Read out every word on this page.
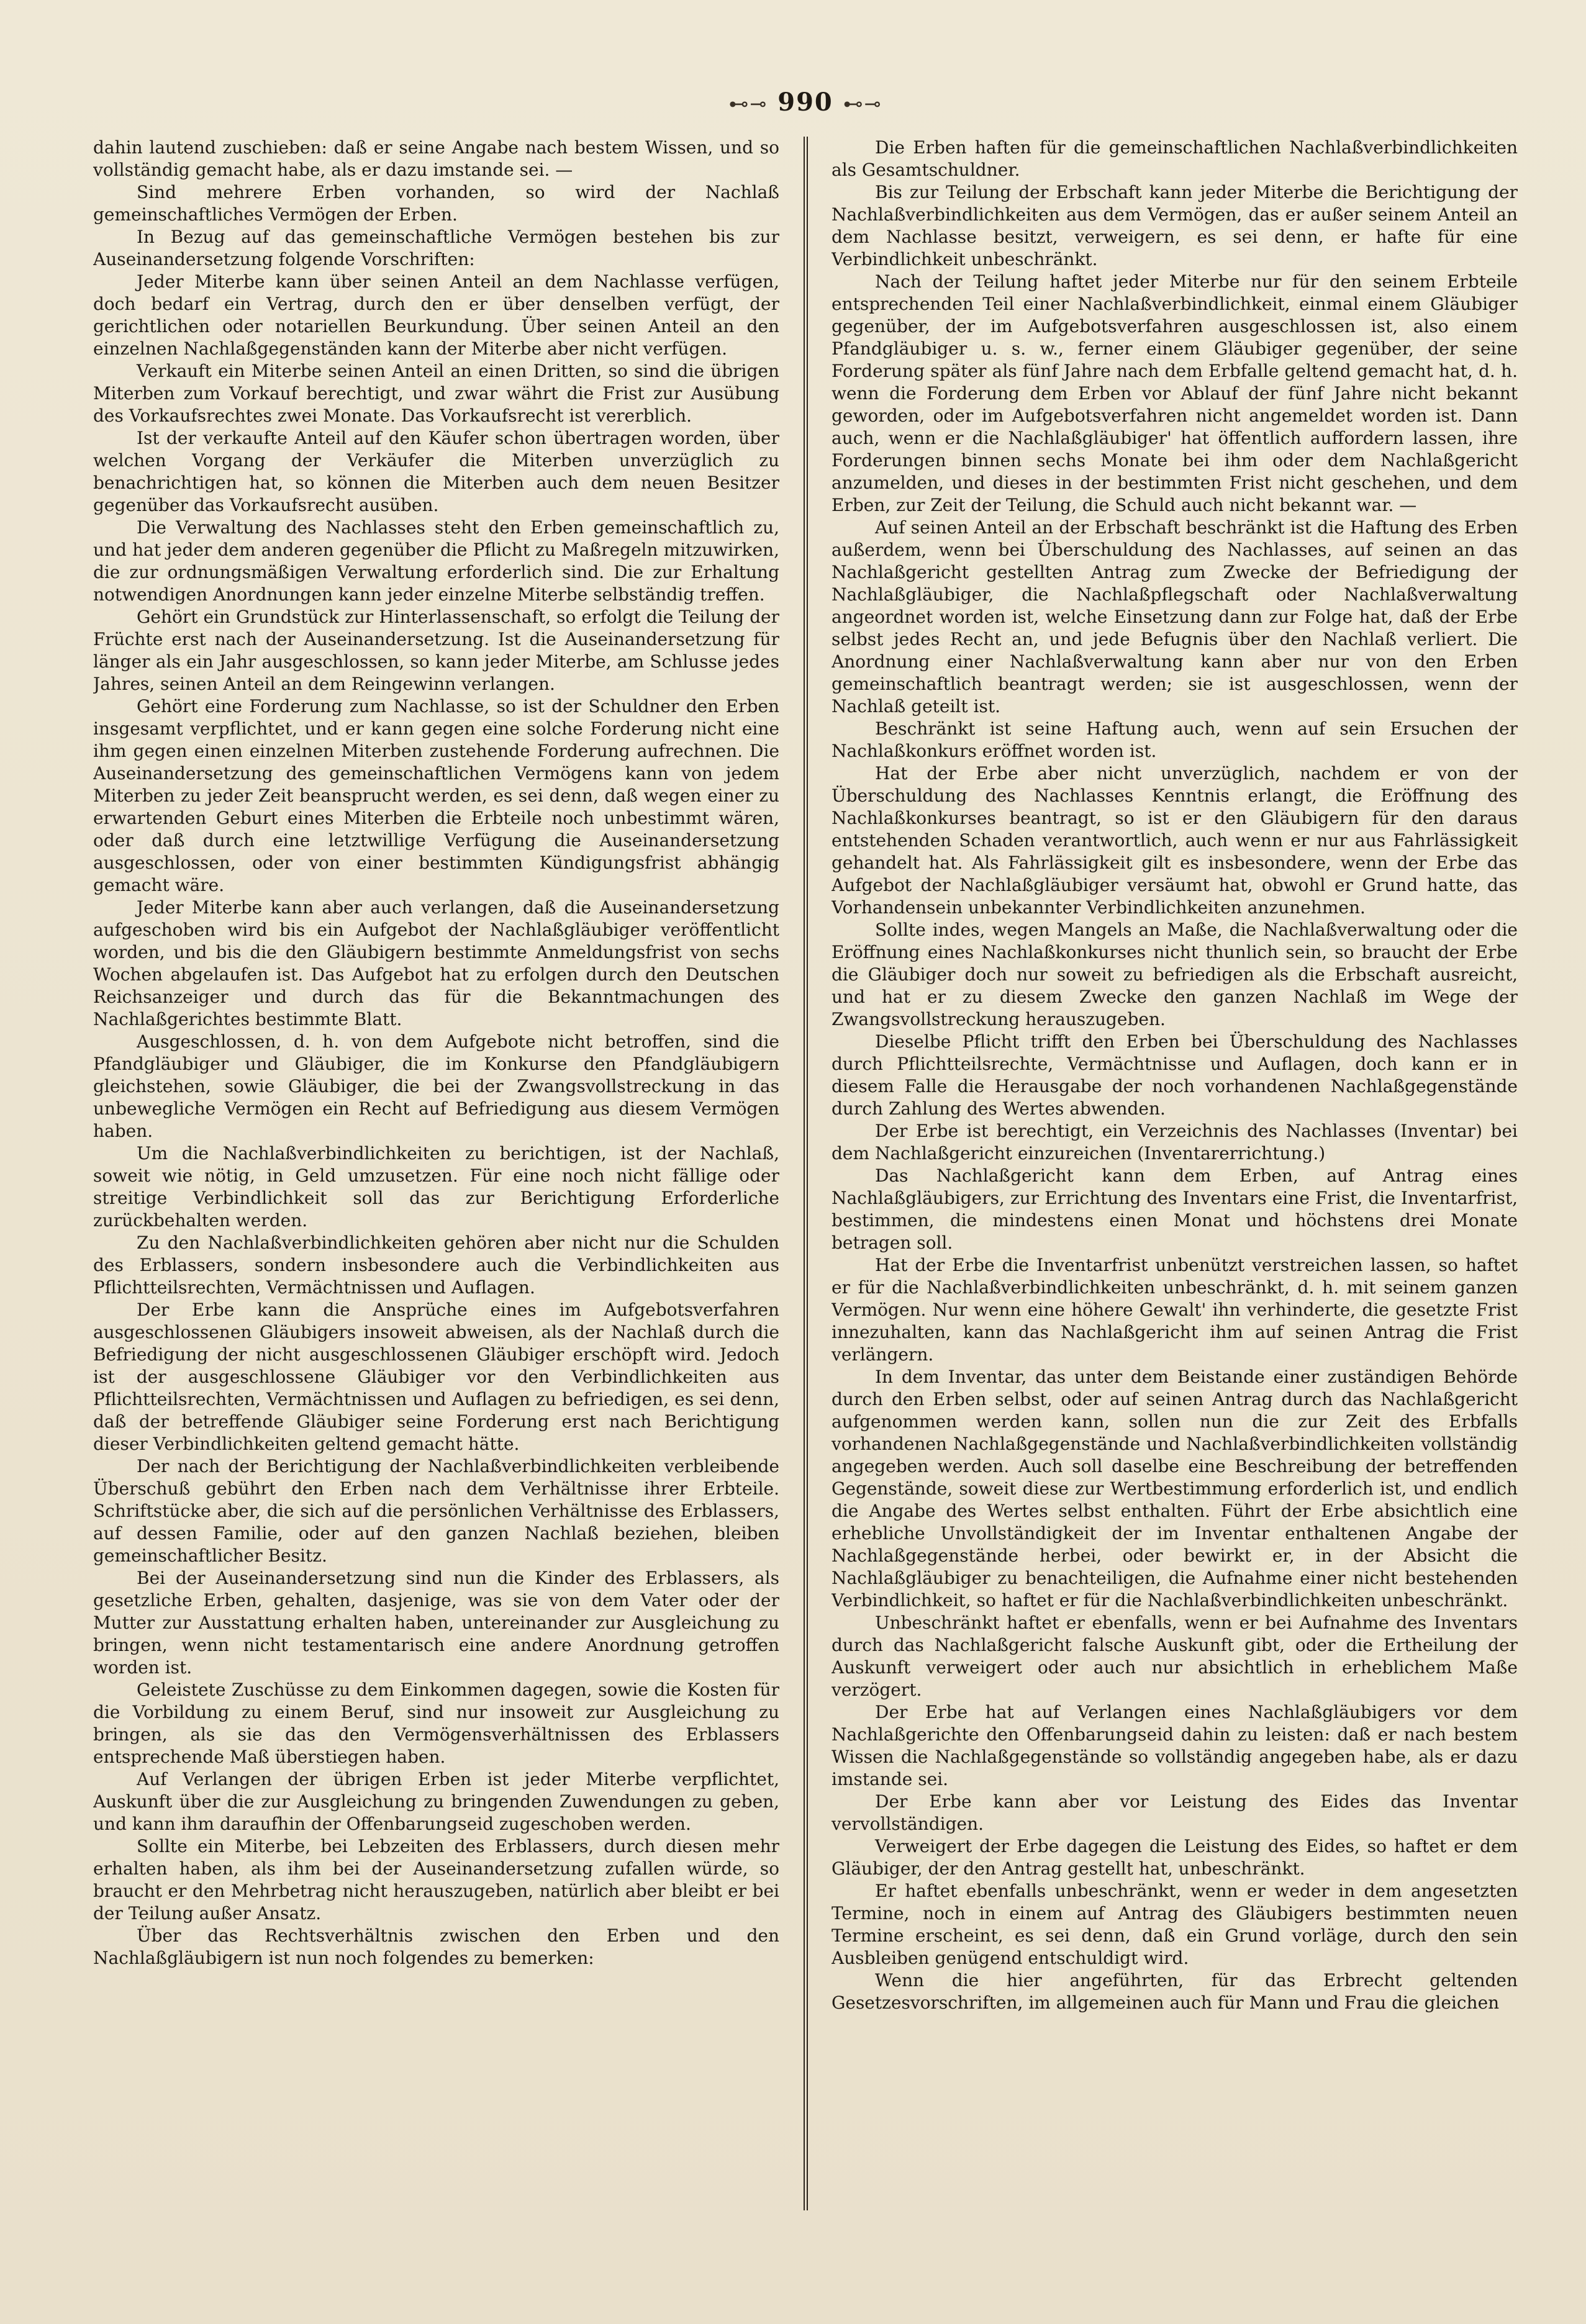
⊷⊸ 990 ⊷⊸

dahin lautend zuschieben: daß er seine Angabe nach bestem Wissen, und so vollständig gemacht habe, als er dazu imstande sei. —

Sind mehrere Erben vorhanden, so wird der Nachlaß gemeinschaftliches Vermögen der Erben.

In Bezug auf das gemeinschaftliche Vermögen bestehen bis zur Auseinandersetzung folgende Vorschriften:

Jeder Miterbe kann über seinen Anteil an dem Nachlasse verfügen, doch bedarf ein Vertrag, durch den er über denselben verfügt, der gerichtlichen oder notariellen Beurkundung. Über seinen Anteil an den einzelnen Nachlaßgegenständen kann der Miterbe aber nicht verfügen.

Verkauft ein Miterbe seinen Anteil an einen Dritten, so sind die übrigen Miterben zum Vorkauf berechtigt, und zwar währt die Frist zur Ausübung des Vorkaufsrechtes zwei Monate. Das Vorkaufsrecht ist vererblich.

Ist der verkaufte Anteil auf den Käufer schon übertragen worden, über welchen Vorgang der Verkäufer die Miterben unverzüglich zu benachrichtigen hat, so können die Miterben auch dem neuen Besitzer gegenüber das Vorkaufsrecht ausüben.

Die Verwaltung des Nachlasses steht den Erben gemeinschaftlich zu, und hat jeder dem anderen gegenüber die Pflicht zu Maßregeln mitzuwirken, die zur ordnungsmäßigen Verwaltung erforderlich sind. Die zur Erhaltung notwendigen Anordnungen kann jeder einzelne Miterbe selbständig treffen.

Gehört ein Grundstück zur Hinterlassenschaft, so erfolgt die Teilung der Früchte erst nach der Auseinandersetzung. Ist die Auseinandersetzung für länger als ein Jahr ausgeschlossen, so kann jeder Miterbe, am Schlusse jedes Jahres, seinen Anteil an dem Reingewinn verlangen.

Gehört eine Forderung zum Nachlasse, so ist der Schuldner den Erben insgesamt verpflichtet, und er kann gegen eine solche Forderung nicht eine ihm gegen einen einzelnen Miterben zustehende Forderung aufrechnen. Die Auseinandersetzung des gemeinschaftlichen Vermögens kann von jedem Miterben zu jeder Zeit beansprucht werden, es sei denn, daß wegen einer zu erwartenden Geburt eines Miterben die Erbteile noch unbestimmt wären, oder daß durch eine letztwillige Verfügung die Auseinandersetzung ausgeschlossen, oder von einer bestimmten Kündigungsfrist abhängig gemacht wäre.

Jeder Miterbe kann aber auch verlangen, daß die Auseinandersetzung aufgeschoben wird bis ein Aufgebot der Nachlaßgläubiger veröffentlicht worden, und bis die den Gläubigern bestimmte Anmeldungsfrist von sechs Wochen abgelaufen ist. Das Aufgebot hat zu erfolgen durch den Deutschen Reichsanzeiger und durch das für die Bekanntmachungen des Nachlaßgerichtes bestimmte Blatt.

Ausgeschlossen, d. h. von dem Aufgebote nicht betroffen, sind die Pfandgläubiger und Gläubiger, die im Konkurse den Pfandgläubigern gleichstehen, sowie Gläubiger, die bei der Zwangsvollstreckung in das unbewegliche Vermögen ein Recht auf Befriedigung aus diesem Vermögen haben.

Um die Nachlaßverbindlichkeiten zu berichtigen, ist der Nachlaß, soweit wie nötig, in Geld umzusetzen. Für eine noch nicht fällige oder streitige Verbindlichkeit soll das zur Berichtigung Erforderliche zurückbehalten werden.

Zu den Nachlaßverbindlichkeiten gehören aber nicht nur die Schulden des Erblassers, sondern insbesondere auch die Verbindlichkeiten aus Pflichtteilsrechten, Vermächtnissen und Auflagen.

Der Erbe kann die Ansprüche eines im Aufgebotsverfahren ausgeschlossenen Gläubigers insoweit abweisen, als der Nachlaß durch die Befriedigung der nicht ausgeschlossenen Gläubiger erschöpft wird. Jedoch ist der ausgeschlossene Gläubiger vor den Verbindlichkeiten aus Pflichtteilsrechten, Vermächtnissen und Auflagen zu befriedigen, es sei denn, daß der betreffende Gläubiger seine Forderung erst nach Berichtigung dieser Verbindlichkeiten geltend gemacht hätte.

Der nach der Berichtigung der Nachlaßverbindlichkeiten verbleibende Überschuß gebührt den Erben nach dem Verhältnisse ihrer Erbteile. Schriftstücke aber, die sich auf die persönlichen Verhältnisse des Erblassers, auf dessen Familie, oder auf den ganzen Nachlaß beziehen, bleiben gemeinschaftlicher Besitz.

Bei der Auseinandersetzung sind nun die Kinder des Erblassers, als gesetzliche Erben, gehalten, dasjenige, was sie von dem Vater oder der Mutter zur Ausstattung erhalten haben, untereinander zur Ausgleichung zu bringen, wenn nicht testamentarisch eine andere Anordnung getroffen worden ist.

Geleistete Zuschüsse zu dem Einkommen dagegen, sowie die Kosten für die Vorbildung zu einem Beruf, sind nur insoweit zur Ausgleichung zu bringen, als sie das den Vermögensverhältnissen des Erblassers entsprechende Maß überstiegen haben.

Auf Verlangen der übrigen Erben ist jeder Miterbe verpflichtet, Auskunft über die zur Ausgleichung zu bringenden Zuwendungen zu geben, und kann ihm daraufhin der Offenbarungseid zugeschoben werden.

Sollte ein Miterbe, bei Lebzeiten des Erblassers, durch diesen mehr erhalten haben, als ihm bei der Auseinandersetzung zufallen würde, so braucht er den Mehrbetrag nicht herauszugeben, natürlich aber bleibt er bei der Teilung außer Ansatz.

Über das Rechtsverhältnis zwischen den Erben und den Nachlaßgläubigern ist nun noch folgendes zu bemerken:

Die Erben haften für die gemeinschaftlichen Nachlaßverbindlichkeiten als Gesamtschuldner.

Bis zur Teilung der Erbschaft kann jeder Miterbe die Berichtigung der Nachlaßverbindlichkeiten aus dem Vermögen, das er außer seinem Anteil an dem Nachlasse besitzt, verweigern, es sei denn, er hafte für eine Verbindlichkeit unbeschränkt.

Nach der Teilung haftet jeder Miterbe nur für den seinem Erbteile entsprechenden Teil einer Nachlaßverbindlichkeit, einmal einem Gläubiger gegenüber, der im Aufgebotsverfahren ausgeschlossen ist, also einem Pfandgläubiger u. s. w., ferner einem Gläubiger gegenüber, der seine Forderung später als fünf Jahre nach dem Erbfalle geltend gemacht hat, d. h. wenn die Forderung dem Erben vor Ablauf der fünf Jahre nicht bekannt geworden, oder im Aufgebotsverfahren nicht angemeldet worden ist. Dann auch, wenn er die Nachlaßgläubiger' hat öffentlich auffordern lassen, ihre Forderungen binnen sechs Monate bei ihm oder dem Nachlaßgericht anzumelden, und dieses in der bestimmten Frist nicht geschehen, und dem Erben, zur Zeit der Teilung, die Schuld auch nicht bekannt war. —

Auf seinen Anteil an der Erbschaft beschränkt ist die Haftung des Erben außerdem, wenn bei Überschuldung des Nachlasses, auf seinen an das Nachlaßgericht gestellten Antrag zum Zwecke der Befriedigung der Nachlaßgläubiger, die Nachlaßpflegschaft oder Nachlaßverwaltung angeordnet worden ist, welche Einsetzung dann zur Folge hat, daß der Erbe selbst jedes Recht an, und jede Befugnis über den Nachlaß verliert. Die Anordnung einer Nachlaßverwaltung kann aber nur von den Erben gemeinschaftlich beantragt werden; sie ist ausgeschlossen, wenn der Nachlaß geteilt ist.

Beschränkt ist seine Haftung auch, wenn auf sein Ersuchen der Nachlaßkonkurs eröffnet worden ist.

Hat der Erbe aber nicht unverzüglich, nachdem er von der Überschuldung des Nachlasses Kenntnis erlangt, die Eröffnung des Nachlaßkonkurses beantragt, so ist er den Gläubigern für den daraus entstehenden Schaden verantwortlich, auch wenn er nur aus Fahrlässigkeit gehandelt hat. Als Fahrlässigkeit gilt es insbesondere, wenn der Erbe das Aufgebot der Nachlaßgläubiger versäumt hat, obwohl er Grund hatte, das Vorhandensein unbekannter Verbindlichkeiten anzunehmen.

Sollte indes, wegen Mangels an Maße, die Nachlaßverwaltung oder die Eröffnung eines Nachlaßkonkurses nicht thunlich sein, so braucht der Erbe die Gläubiger doch nur soweit zu befriedigen als die Erbschaft ausreicht, und hat er zu diesem Zwecke den ganzen Nachlaß im Wege der Zwangsvollstreckung herauszugeben.

Dieselbe Pflicht trifft den Erben bei Überschuldung des Nachlasses durch Pflichtteilsrechte, Vermächtnisse und Auflagen, doch kann er in diesem Falle die Herausgabe der noch vorhandenen Nachlaßgegenstände durch Zahlung des Wertes abwenden.

Der Erbe ist berechtigt, ein Verzeichnis des Nachlasses (Inventar) bei dem Nachlaßgericht einzureichen (Inventarerrichtung.)

Das Nachlaßgericht kann dem Erben, auf Antrag eines Nachlaßgläubigers, zur Errichtung des Inventars eine Frist, die Inventarfrist, bestimmen, die mindestens einen Monat und höchstens drei Monate betragen soll.

Hat der Erbe die Inventarfrist unbenützt verstreichen lassen, so haftet er für die Nachlaßverbindlichkeiten unbeschränkt, d. h. mit seinem ganzen Vermögen. Nur wenn eine höhere Gewalt' ihn verhinderte, die gesetzte Frist innezuhalten, kann das Nachlaßgericht ihm auf seinen Antrag die Frist verlängern.

In dem Inventar, das unter dem Beistande einer zuständigen Behörde durch den Erben selbst, oder auf seinen Antrag durch das Nachlaßgericht aufgenommen werden kann, sollen nun die zur Zeit des Erbfalls vorhandenen Nachlaßgegenstände und Nachlaßverbindlichkeiten vollständig angegeben werden. Auch soll daselbe eine Beschreibung der betreffenden Gegenstände, soweit diese zur Wertbestimmung erforderlich ist, und endlich die Angabe des Wertes selbst enthalten. Führt der Erbe absichtlich eine erhebliche Unvollständigkeit der im Inventar enthaltenen Angabe der Nachlaßgegenstände herbei, oder bewirkt er, in der Absicht die Nachlaßgläubiger zu benachteiligen, die Aufnahme einer nicht bestehenden Verbindlichkeit, so haftet er für die Nachlaßverbindlichkeiten unbeschränkt.

Unbeschränkt haftet er ebenfalls, wenn er bei Aufnahme des Inventars durch das Nachlaßgericht falsche Auskunft gibt, oder die Ertheilung der Auskunft verweigert oder auch nur absichtlich in erheblichem Maße verzögert.

Der Erbe hat auf Verlangen eines Nachlaßgläubigers vor dem Nachlaßgerichte den Offenbarungseid dahin zu leisten: daß er nach bestem Wissen die Nachlaßgegenstände so vollständig angegeben habe, als er dazu imstande sei.

Der Erbe kann aber vor Leistung des Eides das Inventar vervollständigen.

Verweigert der Erbe dagegen die Leistung des Eides, so haftet er dem Gläubiger, der den Antrag gestellt hat, unbeschränkt.

Er haftet ebenfalls unbeschränkt, wenn er weder in dem angesetzten Termine, noch in einem auf Antrag des Gläubigers bestimmten neuen Termine erscheint, es sei denn, daß ein Grund vorläge, durch den sein Ausbleiben genügend entschuldigt wird.

Wenn die hier angeführten, für das Erbrecht geltenden Gesetzesvorschriften, im allgemeinen auch für Mann und Frau die gleichen
